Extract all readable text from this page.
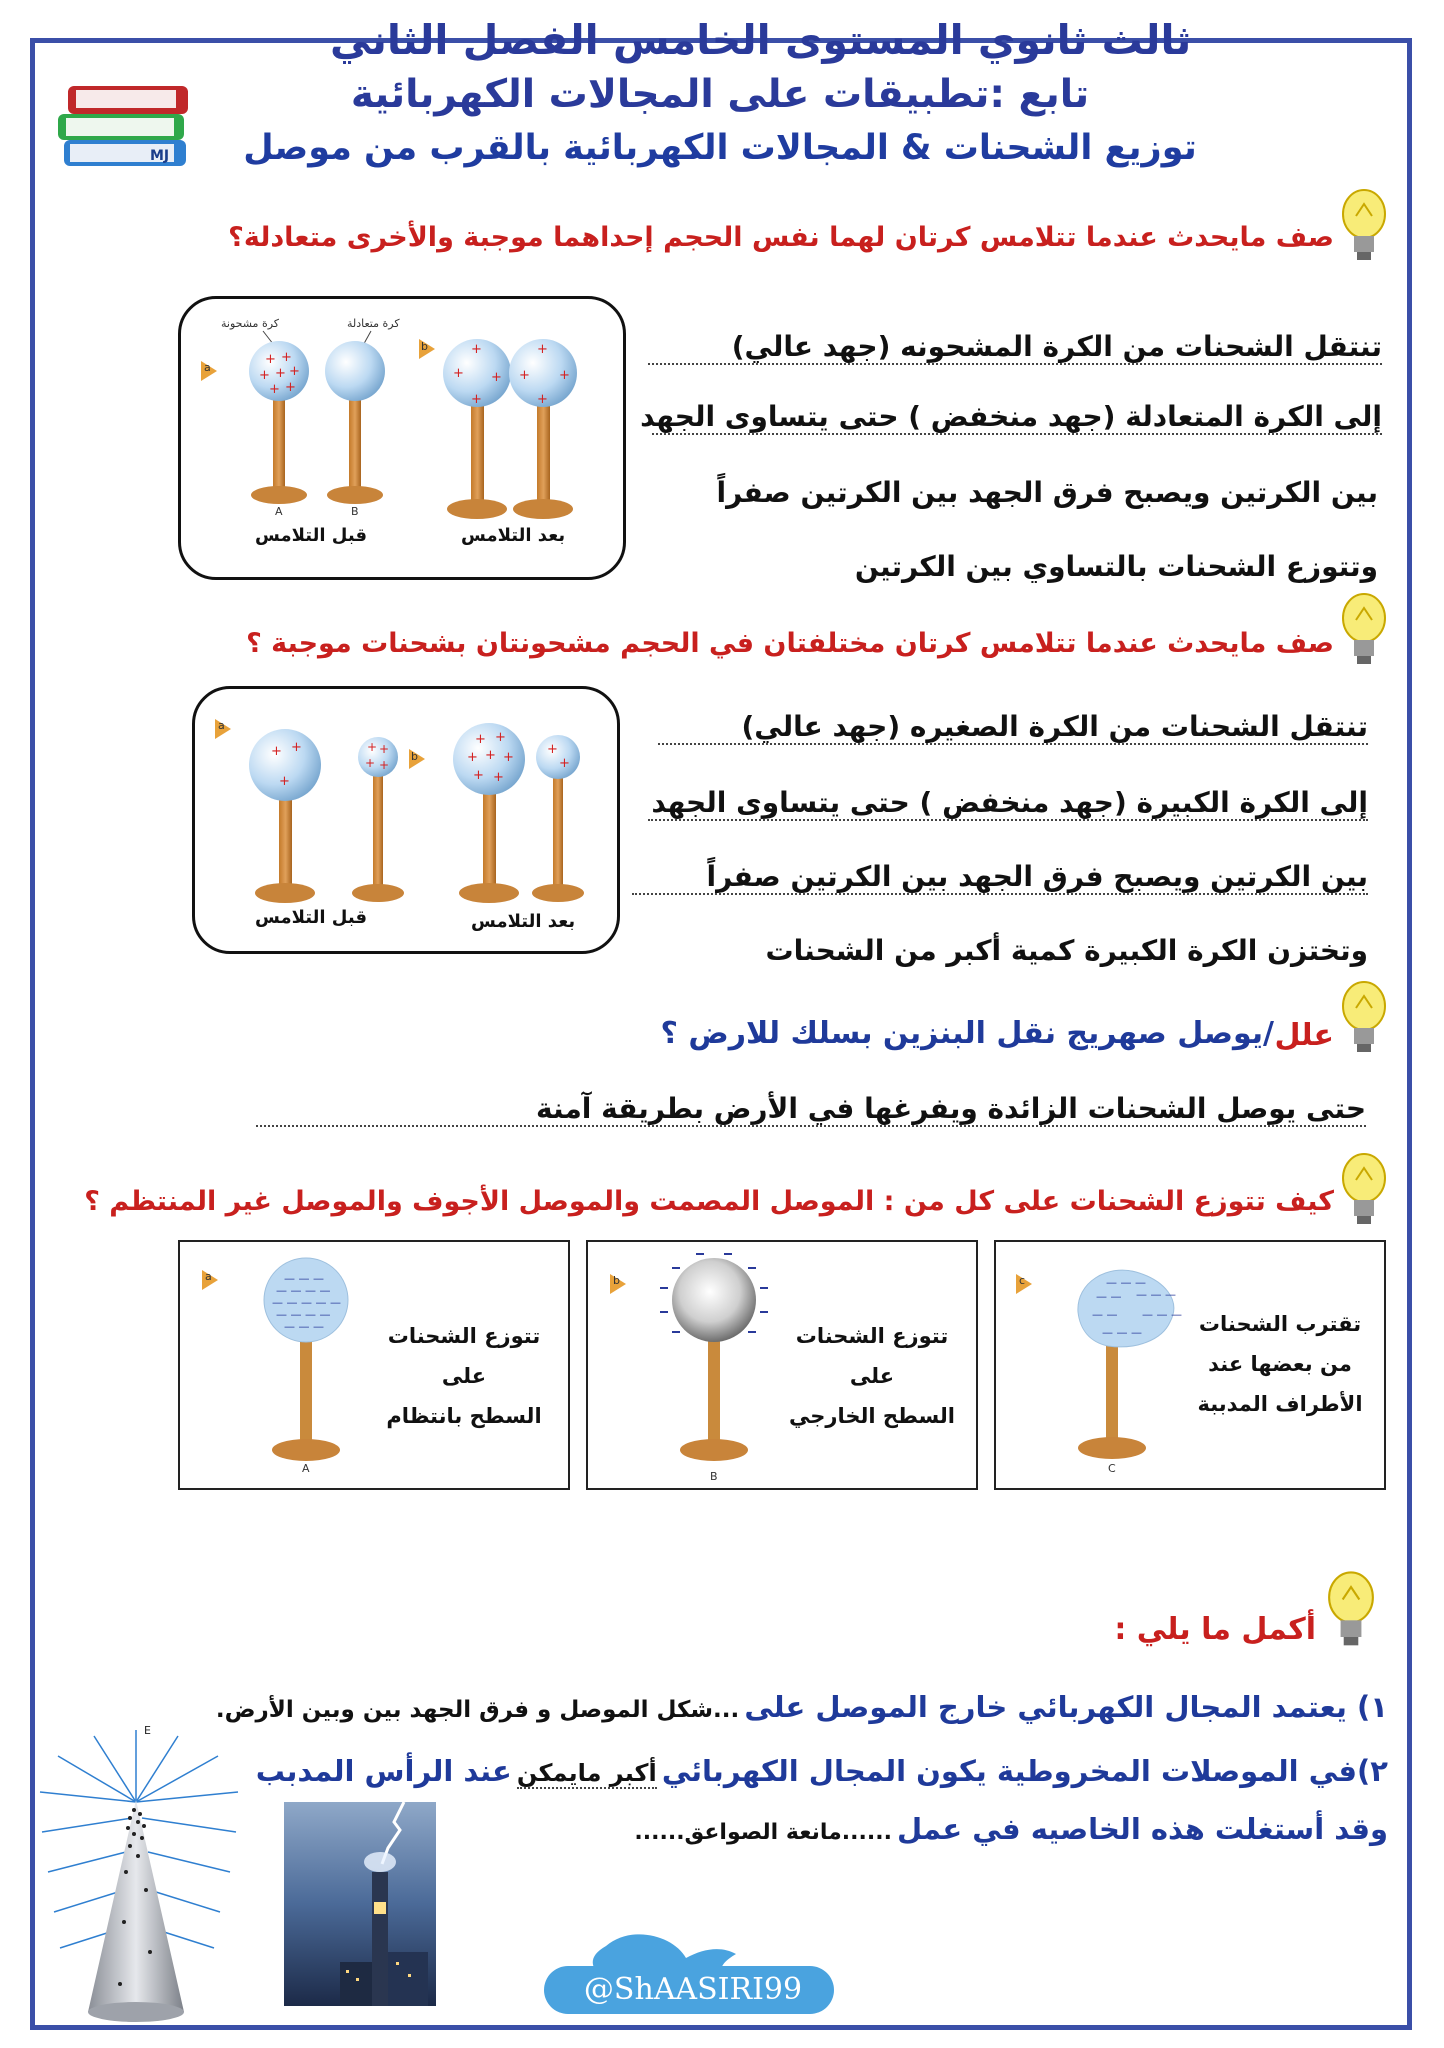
ثالث ثانوي المستوى الخامس الفصل الثاني
تابع :تطبيقات على المجالات الكهربائية
توزيع الشحنات & المجالات الكهربائية بالقرب من موصل
MJ
صف مايحدث عندما تتلامس كرتان لهما نفس الحجم إحداهما موجبة والأخرى متعادلة؟
كرة مشحونة	كرة متعادلة
+ +
+ + +
+ +
+
+ +
+
+
+ +
+
a
b
A	B
قبل التلامس	بعد التلامس
تنتقل الشحنات من الكرة المشحونه (جهد عالي)
إلى الكرة المتعادلة (جهد منخفض ) حتى يتساوى الجهد
بين الكرتين ويصبح فرق الجهد بين الكرتين صفراً
وتتوزع الشحنات بالتساوي بين الكرتين
صف مايحدث عندما تتلامس كرتان مختلفتان في الحجم مشحونتان بشحنات موجبة ؟
+ +
+
+ +
+ +
+ +
+ + +
+ +
+
+
a
b
قبل التلامس	بعد التلامس
تنتقل الشحنات من الكرة الصغيره (جهد عالي)
إلى الكرة الكبيرة (جهد منخفض ) حتى يتساوى الجهد
بين الكرتين ويصبح فرق الجهد بين الكرتين صفراً
وتختزن الكرة الكبيرة كمية أكبر من الشحنات
علل
/يوصل صهريج نقل البنزين بسلك للارض ؟
حتى يوصل الشحنات الزائدة ويفرغها في الأرض بطريقة آمنة
كيف تتوزع الشحنات على كل من : الموصل المصمت والموصل الأجوف والموصل غير المنتظم ؟
— — —
— — — —
— — — — —
— — — —
— — —
a
A
تتوزع الشحنات
على
السطح بانتظام
b
B
تتوزع الشحنات
على
السطح الخارجي
— — —
— — — — —
— — — — —
— — —
c
C
تقترب الشحنات
من بعضها عند
الأطراف المدببة
أكمل ما يلي :
١) يعتمد المجال الكهربائي خارج الموصل على ...شكل الموصل و فرق الجهد بين وبين الأرض.
٢)في الموصلات المخروطية يكون المجال الكهربائي أكبر مايمكن عند الرأس المدبب
وقد أستغلت هذه الخاصيه في عمل ......مانعة الصواعق......
E
@ShAASIRI99
